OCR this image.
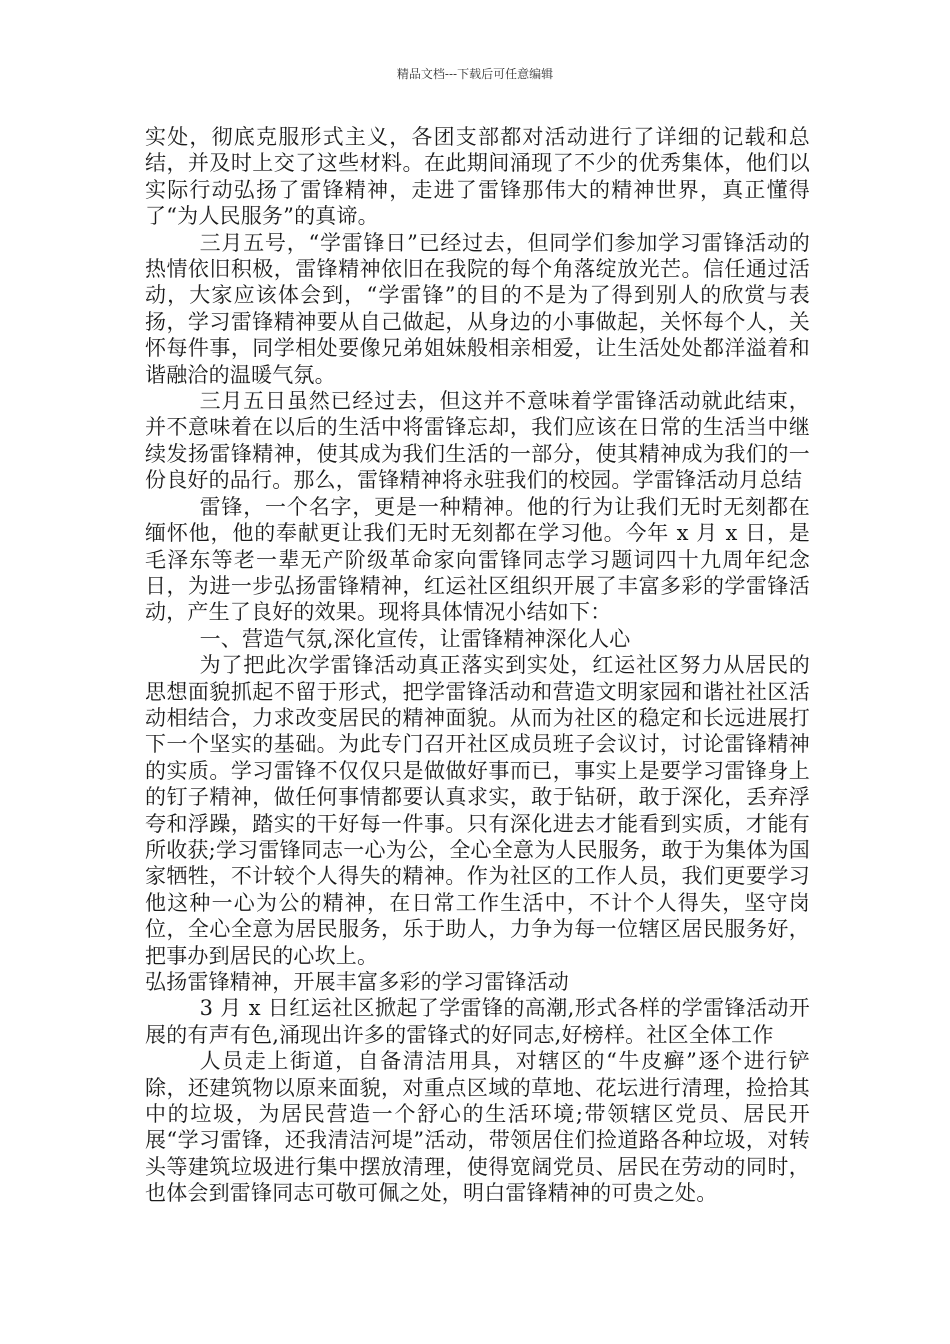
精品文档---下载后可任意编辑

实处，彻底克服形式主义，各团支部都对活动进行了详细的记载和总结，并及时上交了这些材料。在此期间涌现了不少的优秀集体，他们以实际行动弘扬了雷锋精神，走进了雷锋那伟大的精神世界，真正懂得了“为人民服务”的真谛。

三月五号，“学雷锋日”已经过去，但同学们参加学习雷锋活动的热情依旧积极，雷锋精神依旧在我院的每个角落绽放光芒。信任通过活动，大家应该体会到，“学雷锋”的目的不是为了得到别人的欣赏与表扬，学习雷锋精神要从自己做起，从身边的小事做起，关怀每个人，关怀每件事，同学相处要像兄弟姐妹般相亲相爱，让生活处处都洋溢着和谐融洽的温暖气氛。

三月五日虽然已经过去，但这并不意味着学雷锋活动就此结束，并不意味着在以后的生活中将雷锋忘却，我们应该在日常的生活当中继续发扬雷锋精神，使其成为我们生活的一部分，使其精神成为我们的一份良好的品行。那么，雷锋精神将永驻我们的校园。学雷锋活动月总结

雷锋，一个名字，更是一种精神。他的行为让我们无时无刻都在缅怀他，他的奉献更让我们无时无刻都在学习他。今年 x 月 x 日，是毛泽东等老一辈无产阶级革命家向雷锋同志学习题词四十九周年纪念日，为进一步弘扬雷锋精神，红运社区组织开展了丰富多彩的学雷锋活动，产生了良好的效果。现将具体情况小结如下：

一、营造气氛,深化宣传，让雷锋精神深化人心

为了把此次学雷锋活动真正落实到实处，红运社区努力从居民的思想面貌抓起不留于形式，把学雷锋活动和营造文明家园和谐社社区活动相结合，力求改变居民的精神面貌。从而为社区的稳定和长远进展打下一个坚实的基础。为此专门召开社区成员班子会议讨，讨论雷锋精神的实质。学习雷锋不仅仅只是做做好事而已，事实上是要学习雷锋身上的钉子精神，做任何事情都要认真求实，敢于钻研，敢于深化，丢弃浮夸和浮躁，踏实的干好每一件事。只有深化进去才能看到实质，才能有所收获;学习雷锋同志一心为公，全心全意为人民服务，敢于为集体为国家牺牲，不计较个人得失的精神。作为社区的工作人员，我们更要学习他这种一心为公的精神，在日常工作生活中，不计个人得失，坚守岗位，全心全意为居民服务，乐于助人，力争为每一位辖区居民服务好，把事办到居民的心坎上。

弘扬雷锋精神，开展丰富多彩的学习雷锋活动

3 月 x 日红运社区掀起了学雷锋的高潮,形式各样的学雷锋活动开展的有声有色,涌现出许多的雷锋式的好同志,好榜样。社区全体工作

人员走上街道，自备清洁用具，对辖区的“牛皮癣”逐个进行铲除，还建筑物以原来面貌，对重点区域的草地、花坛进行清理，捡拾其中的垃圾，为居民营造一个舒心的生活环境;带领辖区党员、居民开展“学习雷锋，还我清洁河堤”活动，带领居住们捡道路各种垃圾，对转头等建筑垃圾进行集中摆放清理，使得宽阔党员、居民在劳动的同时，也体会到雷锋同志可敬可佩之处，明白雷锋精神的可贵之处。
